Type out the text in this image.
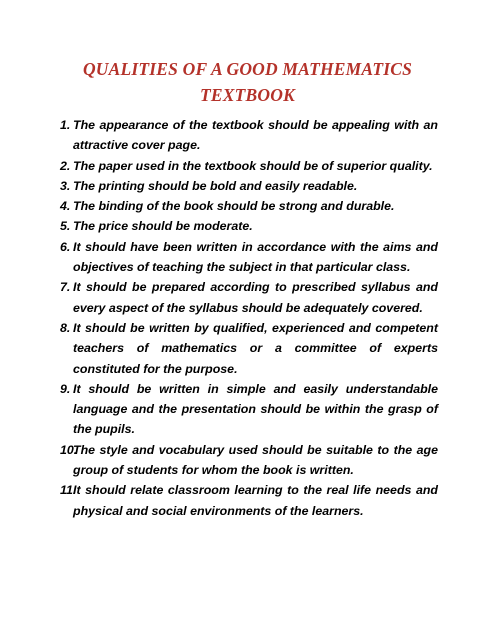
QUALITIES OF A GOOD MATHEMATICS
TEXTBOOK
1. The appearance of the textbook should be appealing with an attractive cover page.
2. The paper used in the textbook should be of superior quality.
3. The printing should be bold and easily readable.
4. The binding of the book should be strong and durable.
5. The price should be moderate.
6. It should have been written in accordance with the aims and objectives of teaching the subject in that particular class.
7. It should be prepared according to prescribed syllabus and every aspect of the syllabus should be adequately covered.
8. It should be written by qualified, experienced and competent teachers of mathematics or a committee of experts constituted for the purpose.
9. It should be written in simple and easily understandable language and the presentation should be within the grasp of the pupils.
10.
The style and vocabulary used should be suitable to the age group of students for whom the book is written.
11.
It should relate classroom learning to the real life needs and physical and social environments of the learners.
